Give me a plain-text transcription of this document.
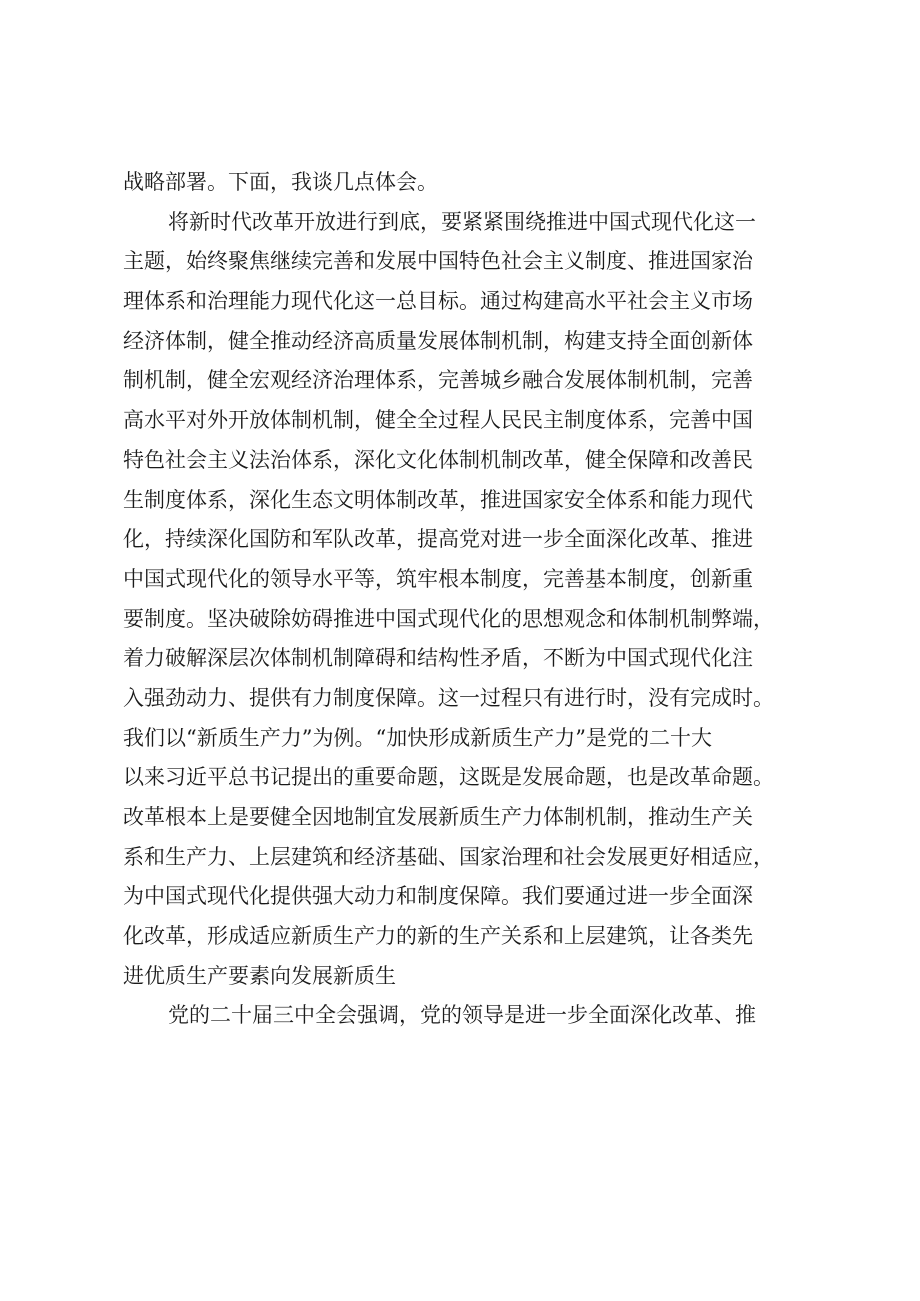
战略部署。下面，我谈几点体会。
将新时代改革开放进行到底，要紧紧围绕推进中国式现代化这一
主题，始终聚焦继续完善和发展中国特色社会主义制度、推进国家治
理体系和治理能力现代化这一总目标。通过构建高水平社会主义市场
经济体制，健全推动经济高质量发展体制机制，构建支持全面创新体
制机制，健全宏观经济治理体系，完善城乡融合发展体制机制，完善
高水平对外开放体制机制，健全全过程人民民主制度体系，完善中国
特色社会主义法治体系，深化文化体制机制改革，健全保障和改善民
生制度体系，深化生态文明体制改革，推进国家安全体系和能力现代
化，持续深化国防和军队改革，提高党对进一步全面深化改革、推进
中国式现代化的领导水平等，筑牢根本制度，完善基本制度，创新重
要制度。坚决破除妨碍推进中国式现代化的思想观念和体制机制弊端，
着力破解深层次体制机制障碍和结构性矛盾，不断为中国式现代化注
入强劲动力、提供有力制度保障。这一过程只有进行时，没有完成时。
我们以“新质生产力”为例。“加快形成新质生产力”是党的二十大
以来习近平总书记提出的重要命题，这既是发展命题，也是改革命题。
改革根本上是要健全因地制宜发展新质生产力体制机制，推动生产关
系和生产力、上层建筑和经济基础、国家治理和社会发展更好相适应，
为中国式现代化提供强大动力和制度保障。我们要通过进一步全面深
化改革，形成适应新质生产力的新的生产关系和上层建筑，让各类先
进优质生产要素向发展新质生
党的二十届三中全会强调，党的领导是进一步全面深化改革、推
